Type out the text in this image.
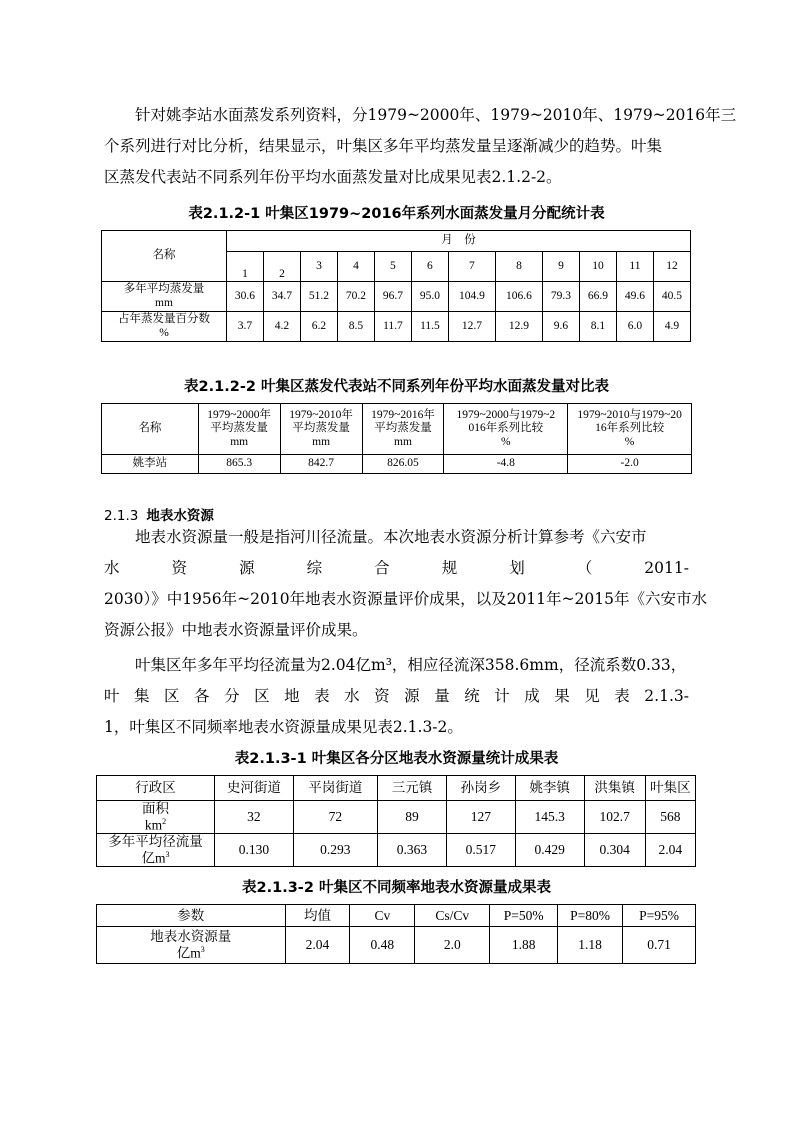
针对姚李站水面蒸发系列资料，分1979~2000年、1979~2010年、1979~2016年三
个系列进行对比分析，结果显示，叶集区多年平均蒸发量呈逐渐减少的趋势。叶集
区蒸发代表站不同系列年份平均水面蒸发量对比成果见表2.1.2-2。

表2.1.2-1 叶集区1979~2016年系列水面蒸发量月分配统计表

名称	月　份											
	1	2	3	4	5	6	7	8	9	10	11	12

多年平均蒸发量
mm	30.6	34.7	51.2	70.2	96.7	95.0	104.9	106.6	79.3	66.9	49.6	40.5

占年蒸发量百分数
%	3.7	4.2	6.2	8.5	11.7	11.5	12.7	12.9	9.6	8.1	6.0	4.9

表2.1.2-2 叶集区蒸发代表站不同系列年份平均水面蒸发量对比表

名称	1979~2000年
平均蒸发量
mm	1979~2010年
平均蒸发量
mm	1979~2016年
平均蒸发量
mm	1979~2000与1979~2
016年系列比较
%	1979~2010与1979~20
16年系列比较
%

姚李站	865.3	842.7	826.05	-4.8	-2.0

2.1.3 地表水资源

地表水资源量一般是指河川径流量。本次地表水资源分析计算参考《六安市
水 资 源 综 合 规 划 （ 2011-
2030）》中1956年~2010年地表水资源量评价成果，以及2011年~2015年《六安市水
资源公报》中地表水资源量评价成果。
叶集区年多年平均径流量为2.04亿m³，相应径流深358.6mm，径流系数0.33，
叶 集 区 各 分 区 地 表 水 资 源 量 统 计 成 果 见 表 2.1.3-
1，叶集区不同频率地表水资源量成果见表2.1.3-2。

表2.1.3-1 叶集区各分区地表水资源量统计成果表

行政区	史河街道	平岗街道	三元镇	孙岗乡	姚李镇	洪集镇	叶集区

面积
$km^2$	32	72	89	127	145.3	102.7	568

多年平均径流量
亿$m^3$	0.130	0.293	0.363	0.517	0.429	0.304	2.04

表2.1.3-2 叶集区不同频率地表水资源量成果表

参数	均值	Cv	Cs/Cv	P=50%	P=80%	P=95%

地表水资源量
亿$m^3$	2.04	0.48	2.0	1.88	1.18	0.71
